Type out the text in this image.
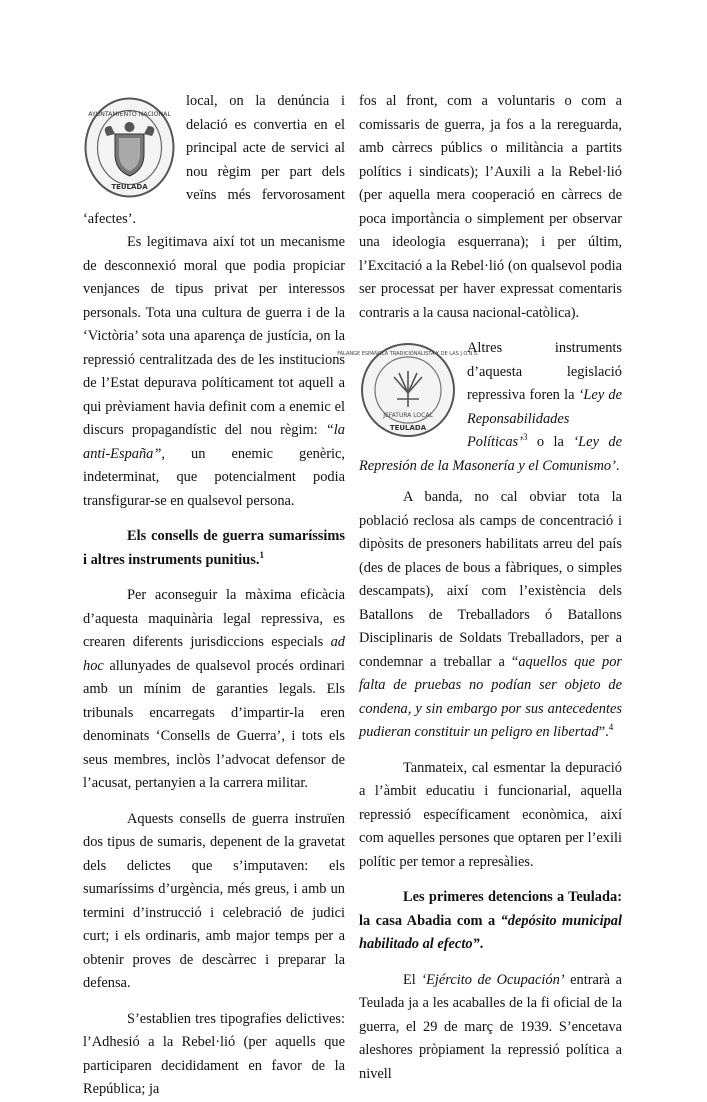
AYUNTAMIENTO NACIONAL
TEULADA
local, on la denúncia i delació es convertia en el principal acte de servici al nou règim per part dels veïns més fervorosament ‘afectes’.

Es legitimava així tot un mecanisme de desconnexió moral que podia propiciar venjances de tipus privat per interessos personals. Tota una cultura de guerra i de la ‘Victòria’ sota una aparença de justícia, on la repressió centralitzada des de les institucions de l’Estat depurava políticament tot aquell a qui prèviament havia definit com a enemic el discurs propagandístic del nou règim: “la anti-España”, un enemic genèric, indeterminat, que potencialment podia transfigurar-se en qualsevol persona.

Els consells de guerra sumaríssims i altres instruments punitius.$^1$

Per aconseguir la màxima eficàcia d’aquesta maquinària legal repressiva, es crearen diferents jurisdiccions especials ad hoc allunyades de qualsevol procés ordinari amb un mínim de garanties legals. Els tribunals encarregats d’impartir-la eren denominats ‘Consells de Guerra’, i tots els seus membres, inclòs l’advocat defensor de l’acusat, pertanyien a la carrera militar.

Aquests consells de guerra instruïen dos tipus de sumaris, depenent de la gravetat dels delictes que s’imputaven: els sumaríssims d’urgència, més greus, i amb un termini d’instrucció i celebració de judici curt; i els ordinaris, amb major temps per a obtenir proves de descàrrec i preparar la defensa.

S’establien tres tipografies delictives: l’Adhesió a la Rebel·lió (per aquells que participaren decididament en favor de la República; ja

fos al front, com a voluntaris o com a comissaris de guerra, ja fos a la rereguarda, amb càrrecs públics o militància a partits polítics i sindicats); l’Auxili a la Rebel·lió (per aquella mera cooperació en càrrecs de poca importància o simplement per observar una ideologia esquerrana); i per últim, l’Excitació a la Rebel·lió (on qualsevol podia ser processat per haver expressat comentaris contraris a la causa nacional-catòlica).

FALANGE ESPAÑOLA TRADICIONALISTA Y DE LAS J.O.N.S.
JEFATURA LOCAL
TEULADA
Altres instruments d’aquesta legislació repressiva foren la ‘Ley de Reponsabilidades Políticas’$^3$ o la ‘Ley de Represión de la Masonería y el Comunismo’.

A banda, no cal obviar tota la població reclosa als camps de concentració i dipòsits de presoners habilitats arreu del país (des de places de bous a fàbriques, o simples descampats), així com l’existència dels Batallons de Treballadors ó Batallons Disciplinaris de Soldats Treballadors, per a condemnar a treballar a “aquellos que por falta de pruebas no podían ser objeto de condena, y sin embargo por sus antecedentes pudieran constituir un peligro en libertad”.$^4$

Tanmateix, cal esmentar la depuració a l’àmbit educatiu i funcionarial, aquella repressió específicament econòmica, així com aquelles persones que optaren per l’exili polític per temor a represàlies.

Les primeres detencions a Teulada: la casa Abadia com a “depósito municipal habilitado al efecto”.

El ‘Ejército de Ocupación’ entrarà a Teulada ja a les acaballes de la fi oficial de la guerra, el 29 de març de 1939. S’encetava aleshores pròpiament la repressió política a nivell
